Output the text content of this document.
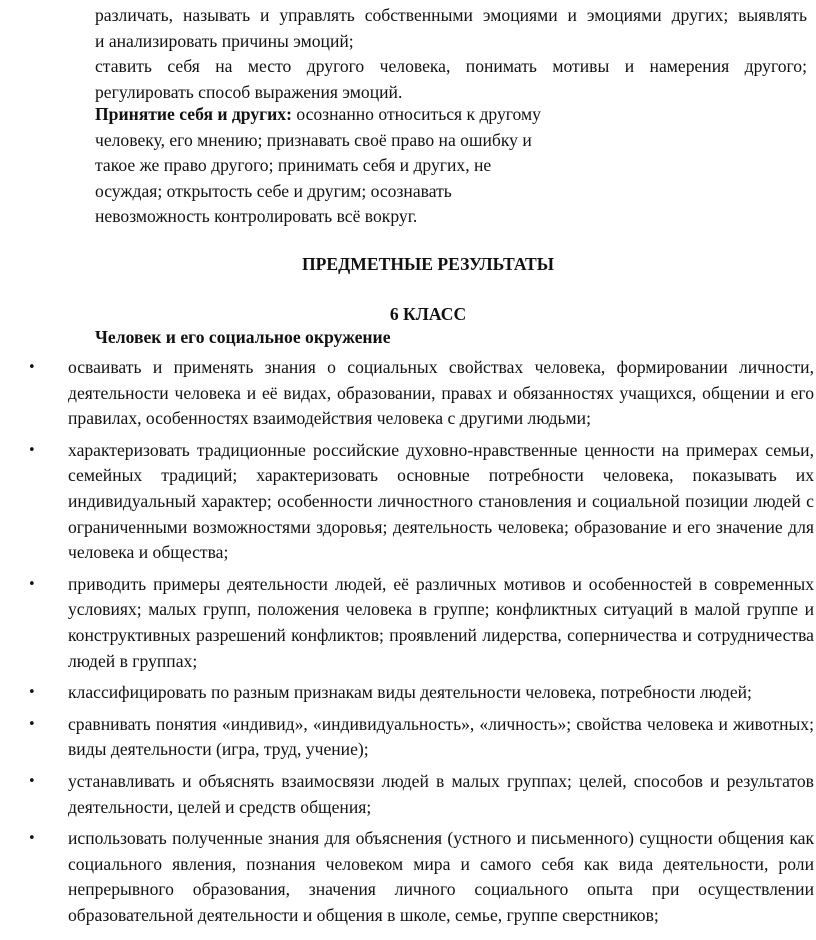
различать, называть и управлять собственными эмоциями и эмоциями других; выявлять

и анализировать причины эмоций;

ставить себя на место другого человека, понимать мотивы и намерения другого;

регулировать способ выражения эмоций.

Принятие себя и других: осознанно относиться к другому
человеку, его мнению; признавать своё право на ошибку и
такое же право другого; принимать себя и других, не
осуждая; открытость себе и другим; осознавать
невозможность контролировать всё вокруг.
ПРЕДМЕТНЫЕ РЕЗУЛЬТАТЫ
6 КЛАСС
Человек и его социальное окружение
• осваивать и применять знания о социальных свойствах человека, формировании личности, деятельности человека и её видах, образовании, правах и обязанностях учащихся, общении и его правилах, особенностях взаимодействия человека с другими людьми;
• характеризовать традиционные российские духовно-нравственные ценности на примерах семьи, семейных традиций; характеризовать основные потребности человека, показывать их индивидуальный характер; особенности личностного становления и социальной позиции людей с ограниченными возможностями здоровья; деятельность человека; образование и его значение для человека и общества;
• приводить примеры деятельности людей, её различных мотивов и особенностей в современных условиях; малых групп, положения человека в группе; конфликтных ситуаций в малой группе и конструктивных разрешений конфликтов; проявлений лидерства, соперничества и сотрудничества людей в группах;
• классифицировать по разным признакам виды деятельности человека, потребности людей;
• сравнивать понятия «индивид», «индивидуальность», «личность»; свойства человека и животных; виды деятельности (игра, труд, учение);
• устанавливать и объяснять взаимосвязи людей в малых группах; целей, способов и результатов деятельности, целей и средств общения;
• использовать полученные знания для объяснения (устного и письменного) сущности общения как социального явления, познания человеком мира и самого себя как вида деятельности, роли непрерывного образования, значения личного социального опыта при осуществлении образовательной деятельности и общения в школе, семье, группе сверстников;
